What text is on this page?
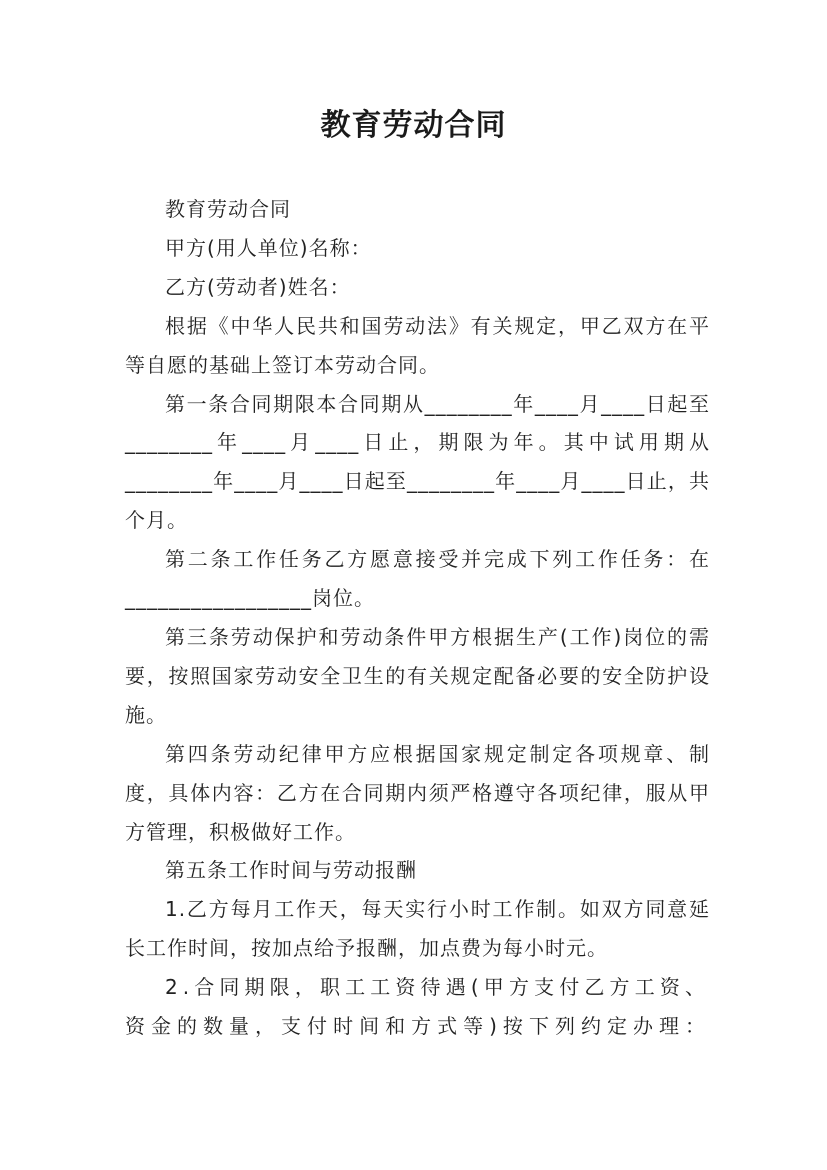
教育劳动合同

教育劳动合同

甲方(用人单位)名称：

乙方(劳动者)姓名：

根据《中华人民共和国劳动法》有关规定，甲乙双方在平等自愿的基础上签订本劳动合同。

第一条合同期限本合同期从________年____月____日起至________年____月____日止，期限为年。其中试用期从________年____月____日起至________年____月____日止，共个月。

第二条工作任务乙方愿意接受并完成下列工作任务：在_________________岗位。

第三条劳动保护和劳动条件甲方根据生产(工作)岗位的需要，按照国家劳动安全卫生的有关规定配备必要的安全防护设施。

第四条劳动纪律甲方应根据国家规定制定各项规章、制度，具体内容：乙方在合同期内须严格遵守各项纪律，服从甲方管理，积极做好工作。

第五条工作时间与劳动报酬

1.乙方每月工作天，每天实行小时工作制。如双方同意延长工作时间，按加点给予报酬，加点费为每小时元。

2.合同期限，职工工资待遇(甲方支付乙方工资、资金的数量，支付时间和方式等)按下列约定办理：
